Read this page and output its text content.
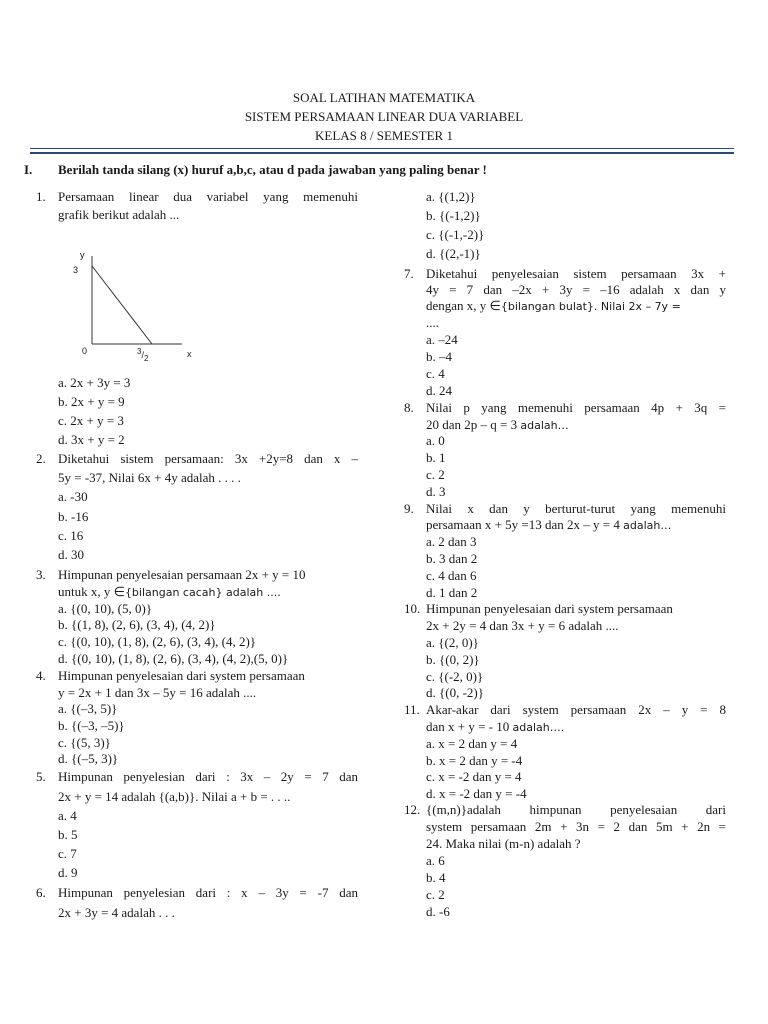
SOAL LATIHAN MATEMATIKA
SISTEM PERSAMAAN LINEAR DUA VARIABEL
KELAS 8 / SEMESTER 1
I. Berilah tanda silang (x) huruf a,b,c, atau d pada jawaban yang paling benar !
1. Persamaan linear dua variabel yang memenuhi
grafik berikut adalah ...
y
3
0	$^3/_2$	x
a. 2x + 3y = 3
b. 2x + y = 9
c. 2x + y = 3
d. 3x + y = 2
2. Diketahui sistem persamaan: 3x +2y=8 dan x –
5y = -37, Nilai 6x + 4y adalah . . . .
a. -30
b. -16
c. 16
d. 30
3. Himpunan penyelesaian persamaan 2x + y = 10
untuk x, y ∈{bilangan cacah} adalah ....
a. {(0, 10), (5, 0)}
b. {(1, 8), (2, 6), (3, 4), (4, 2)}
c. {(0, 10), (1, 8), (2, 6), (3, 4), (4, 2)}
d. {(0, 10), (1, 8), (2, 6), (3, 4), (4, 2),(5, 0)}
4. Himpunan penyelesaian dari system persamaan
y = 2x + 1 dan 3x – 5y = 16 adalah ....
a. {(–3, 5)}
b. {(–3, –5)}
c. {(5, 3)}
d. {(–5, 3)}
5. Himpunan penyelesian dari : 3x – 2y = 7 dan
2x + y = 14 adalah {(a,b)}. Nilai a + b = . . ..
a. 4
b. 5
c. 7
d. 9
6. Himpunan penyelesian dari : x – 3y = -7 dan
2x + 3y = 4 adalah . . .
a. {(1,2)}
b. {(-1,2)}
c. {(-1,-2)}
d. {(2,-1)}
7. Diketahui penyelesaian sistem persamaan 3x +
4y = 7 dan –2x + 3y = –16 adalah x dan y
dengan x, y ∈{bilangan bulat}. Nilai 2x – 7y =
....
a. –24
b. –4
c. 4
d. 24
8. Nilai p yang memenuhi persamaan 4p + 3q =
20 dan 2p – q = 3 adalah…
a. 0
b. 1
c. 2
d. 3
9. Nilai x dan y berturut-turut yang memenuhi
persamaan x + 5y =13 dan 2x – y = 4 adalah…
a. 2 dan 3
b. 3 dan 2
c. 4 dan 6
d. 1 dan 2
10. Himpunan penyelesaian dari system persamaan
2x + 2y = 4 dan 3x + y = 6 adalah ....
a. {(2, 0)}
b. {(0, 2)}
c. {(-2, 0)}
d. {(0, -2)}
11. Akar-akar dari system persamaan 2x – y = 8
dan x + y = - 10 adalah….
a. x = 2 dan y = 4
b. x = 2 dan y = -4
c. x = -2 dan y = 4
d. x = -2 dan y = -4
12. {(m,n)}adalah himpunan penyelesaian dari
system persamaan 2m + 3n = 2 dan 5m + 2n =
24. Maka nilai (m-n) adalah ?
a. 6
b. 4
c. 2
d. -6
